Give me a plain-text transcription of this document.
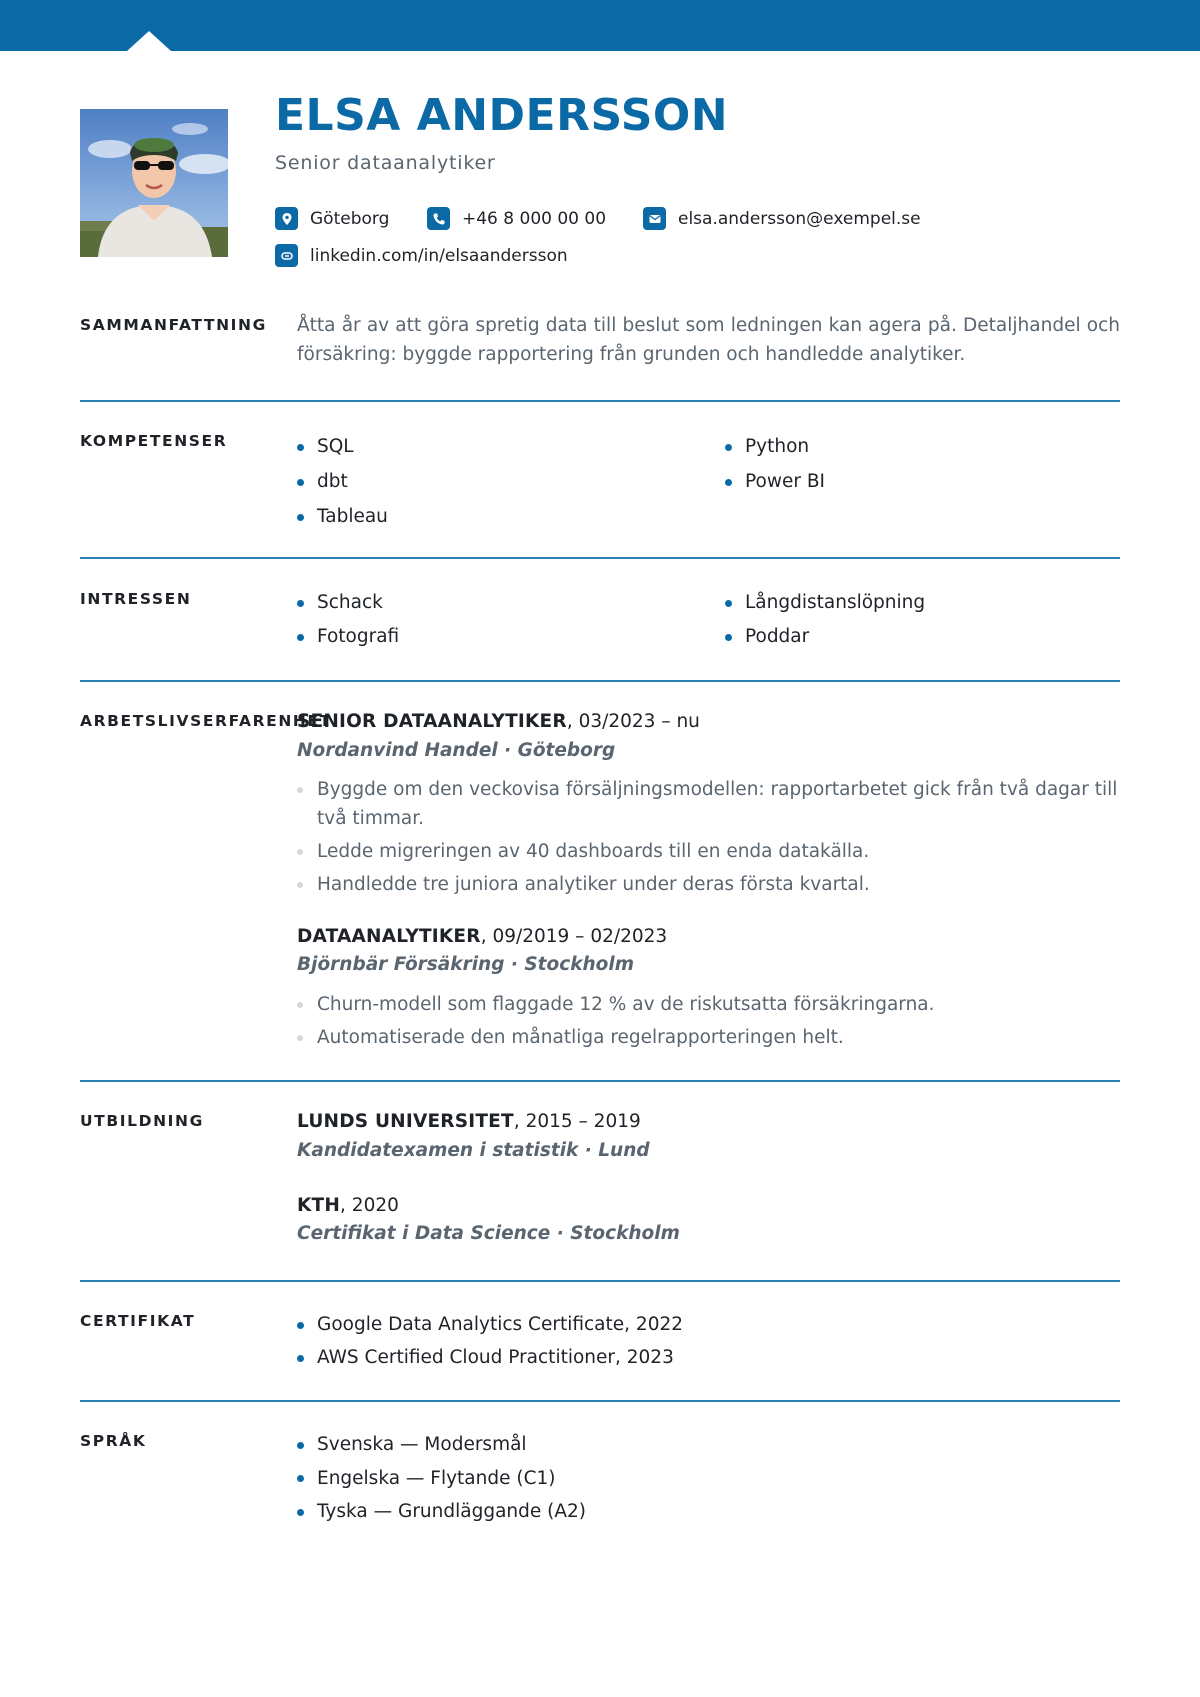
ELSA ANDERSSON
Senior dataanalytiker
Göteborg	+46 8 000 00 00	elsa.andersson@exempel.se
linkedin.com/in/elsaandersson
SAMMANFATTNING Åtta år av att göra spretig data till beslut som ledningen kan agera på. Detaljhandel och försäkring: byggde rapportering från grunden och handledde analytiker.

KOMPETENSER	SQL
dbt
Tableau
Python
Power BI
INTRESSEN	Schack
Fotografi
Långdistanslöpning
Poddar
ARBETSLIVSERFARENHET
SENIOR DATAANALYTIKER, 03/2023 – nu
Nordanvind Handel · Göteborg
Byggde om den veckovisa försäljningsmodellen: rapportarbetet gick från två dagar till två timmar.
Ledde migreringen av 40 dashboards till en enda datakälla.
Handledde tre juniora analytiker under deras första kvartal.
DATAANALYTIKER, 09/2019 – 02/2023
Björnbär Försäkring · Stockholm
Churn-modell som flaggade 12 % av de riskutsatta försäkringarna.
Automatiserade den månatliga regelrapporteringen helt.
UTBILDNING	LUNDS UNIVERSITET, 2015 – 2019
Kandidatexamen i statistik · Lund
KTH, 2020
Certifikat i Data Science · Stockholm
CERTIFIKAT	Google Data Analytics Certificate, 2022
AWS Certified Cloud Practitioner, 2023
SPRÅK	Svenska — Modersmål
Engelska — Flytande (C1)
Tyska — Grundläggande (A2)
